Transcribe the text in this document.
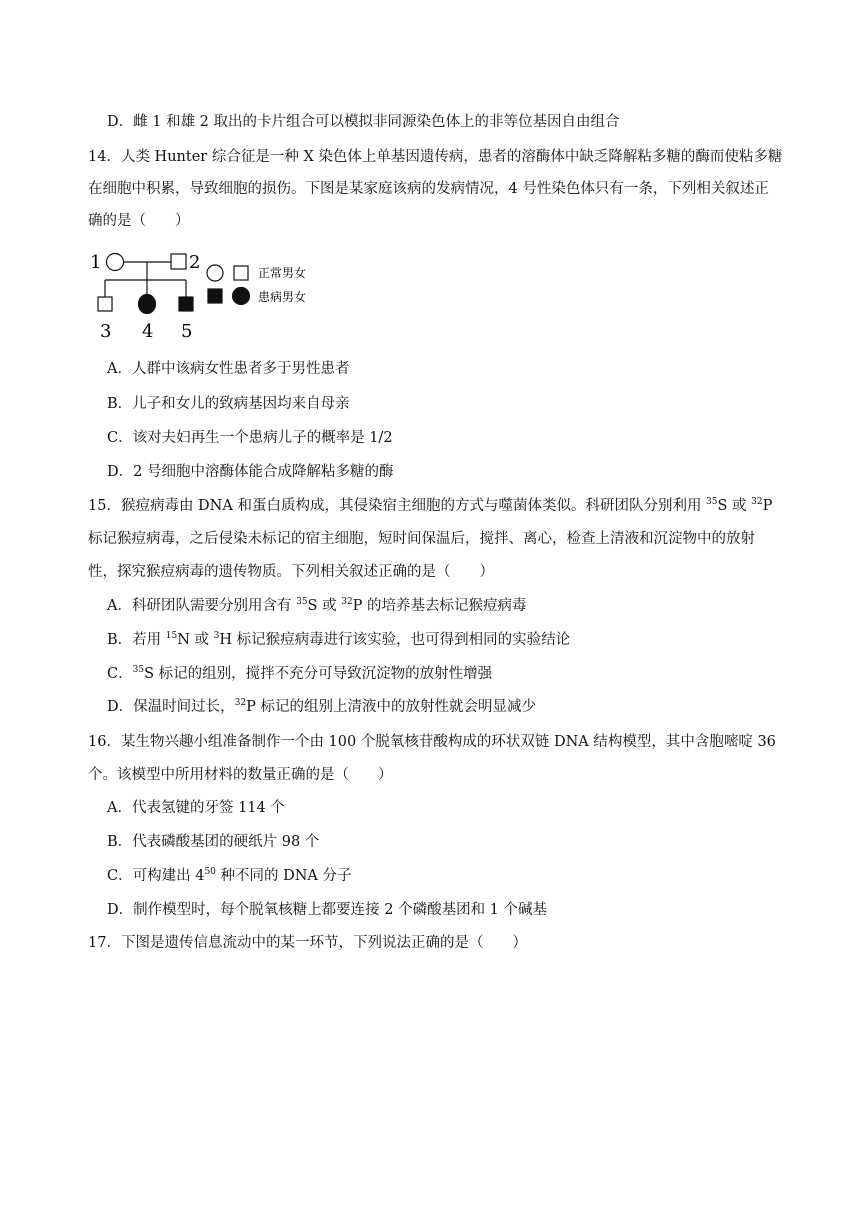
D．雌 1 和雄 2 取出的卡片组合可以模拟非同源染色体上的非等位基因自由组合
14．人类 Hunter 综合征是一种 X 染色体上单基因遗传病，患者的溶酶体中缺乏降解粘多糖的酶而使粘多糖
在细胞中积累，导致细胞的损伤。下图是某家庭该病的发病情况，4 号性染色体只有一条，下列相关叙述正
确的是（　　）
1	2
3 4 5
正常男女
患病男女
A．人群中该病女性患者多于男性患者
B．儿子和女儿的致病基因均来自母亲
C．该对夫妇再生一个患病儿子的概率是 1/2
D．2 号细胞中溶酶体能合成降解粘多糖的酶
15．猴痘病毒由 DNA 和蛋白质构成，其侵染宿主细胞的方式与噬菌体类似。科研团队分别利用 $^{35}$S 或 $^{32}$P
标记猴痘病毒，之后侵染未标记的宿主细胞，短时间保温后，搅拌、离心，检查上清液和沉淀物中的放射
性，探究猴痘病毒的遗传物质。下列相关叙述正确的是（　　）
A．科研团队需要分别用含有 $^{35}$S 或 $^{32}$P 的培养基去标记猴痘病毒
B．若用 $^{15}$N 或 $^3$H 标记猴痘病毒进行该实验，也可得到相同的实验结论
C．$^{35}$S 标记的组别，搅拌不充分可导致沉淀物的放射性增强
D．保温时间过长，$^{32}$P 标记的组别上清液中的放射性就会明显减少
16．某生物兴趣小组准备制作一个由 100 个脱氧核苷酸构成的环状双链 DNA 结构模型，其中含胞嘧啶 36
个。该模型中所用材料的数量正确的是（　　）
A．代表氢键的牙签 114 个
B．代表磷酸基团的硬纸片 98 个
C．可构建出 $4^{50}$ 种不同的 DNA 分子
D．制作模型时，每个脱氧核糖上都要连接 2 个磷酸基团和 1 个碱基
17．下图是遗传信息流动中的某一环节，下列说法正确的是（　　）
